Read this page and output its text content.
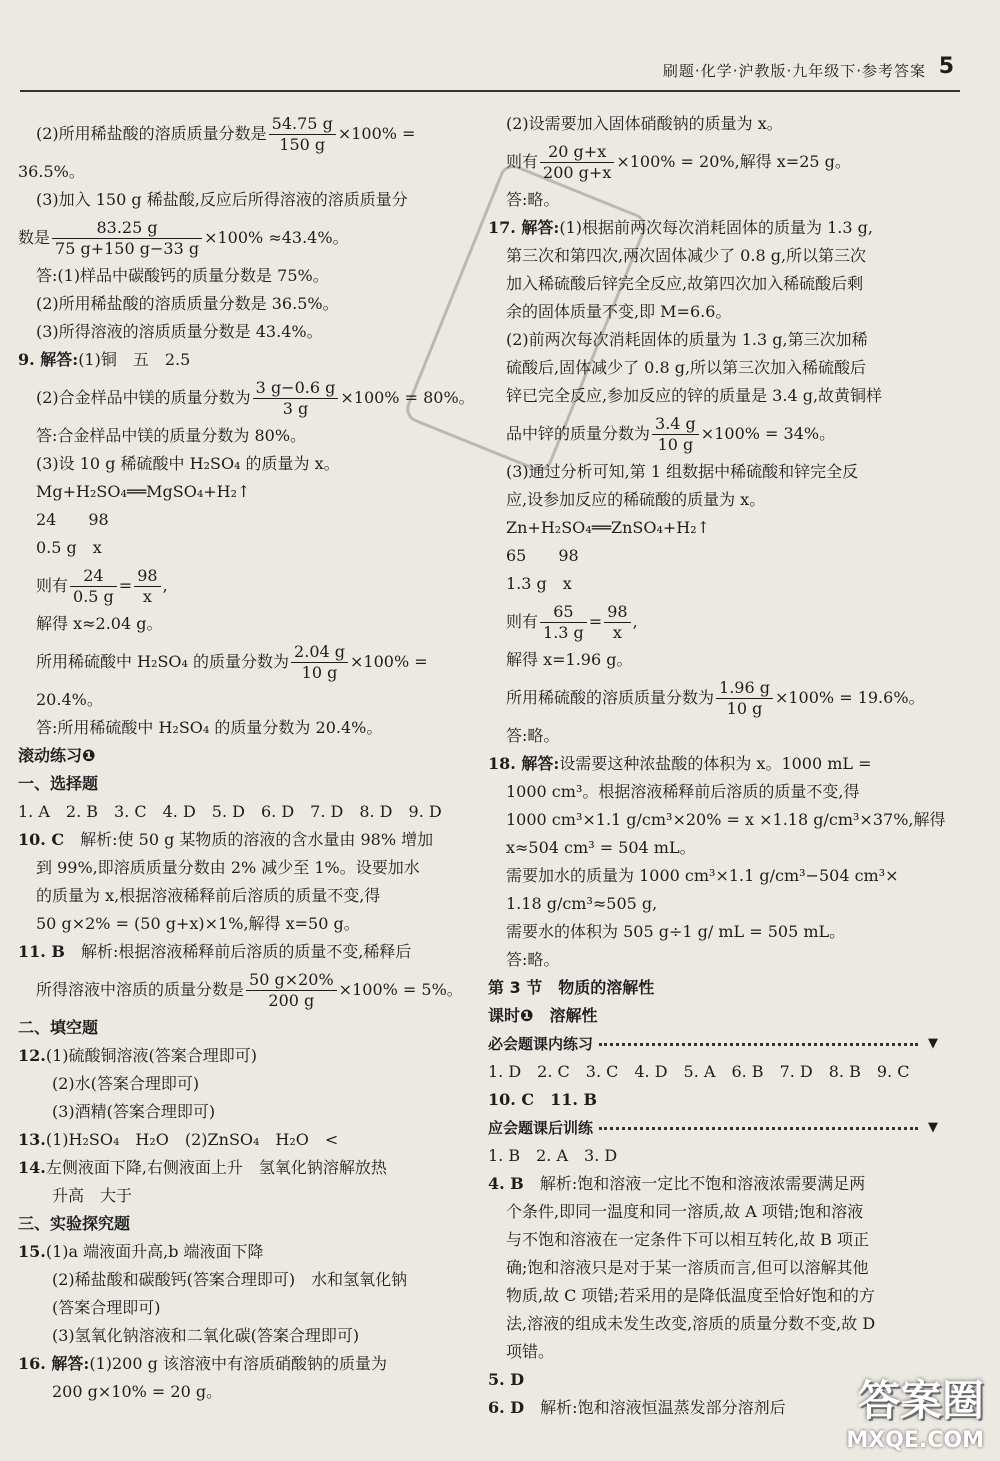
刷题·化学·沪教版·九年级下·参考答案 5
(2)所用稀盐酸的溶质质量分数是 $\frac{54.75 g}{150 g} \times 100\%$ =
36.5%。
(3)加入 150 g 稀盐酸,反应后所得溶液的溶质质量分
数是 $\frac{83.25 g}{75 g+150 g-33 g} \times 100\% \approx 43.4\%$。
答:(1)样品中碳酸钙的质量分数是 75%。
(2)所用稀盐酸的溶质质量分数是 36.5%。
(3)所得溶液的溶质质量分数是 43.4%。
9. 解答:(1)铜　五　2.5
(2)合金样品中镁的质量分数为 $\frac{3 g-0.6 g}{3 g} \times 100\% = 80\%$。
答:合金样品中镁的质量分数为 80%。
(3)设 10 g 稀硫酸中 H₂SO₄ 的质量为 x。
Mg+H₂SO₄══MgSO₄+H₂↑
24　　98
0.5 g　x
则有 $\frac{24}{0.5 g} = \frac{98}{x}$ ,
解得 x≈2.04 g。
所用稀硫酸中 H₂SO₄ 的质量分数为 $\frac{2.04 g}{10 g} \times 100\%$ =
20.4%。
答:所用稀硫酸中 H₂SO₄ 的质量分数为 20.4%。
滚动练习❶
一、选择题
1. A　2. B　3. C　4. D　5. D　6. D　7. D　8. D　9. D
10. C　 解析:使 50 g 某物质的溶液的含水量由 98% 增加
到 99%,即溶质质量分数由 2% 减少至 1%。设要加水
的质量为 x,根据溶液稀释前后溶质的质量不变,得
50 g×2% = (50 g+x)×1%,解得 x=50 g。
11. B　 解析:根据溶液稀释前后溶质的质量不变,稀释后
所得溶液中溶质的质量分数是 $\frac{50 g\times 20\%}{200 g} \times 100\% = 5\%$。
二、填空题
12.(1)硫酸铜溶液(答案合理即可)
(2)水(答案合理即可)
(3)酒精(答案合理即可)
13.(1)H₂SO₄　H₂O　(2)ZnSO₄　H₂O　<
14.左侧液面下降,右侧液面上升　氢氧化钠溶解放热
升高　大于
三、实验探究题
15.(1)a 端液面升高,b 端液面下降
(2)稀盐酸和碳酸钙(答案合理即可)　水和氢氧化钠
(答案合理即可)
(3)氢氧化钠溶液和二氧化碳(答案合理即可)
16. 解答:(1)200 g 该溶液中有溶质硝酸钠的质量为
200 g×10% = 20 g。
(2)设需要加入固体硝酸钠的质量为 x。
则有 $\frac{20 g+x}{200 g+x} \times 100\% = 20\%$,解得 x=25 g。
答:略。
17. 解答:(1)根据前两次每次消耗固体的质量为 1.3 g,
第三次和第四次,两次固体减少了 0.8 g,所以第三次
加入稀硫酸后锌完全反应,故第四次加入稀硫酸后剩
余的固体质量不变,即 M=6.6。
(2)前两次每次消耗固体的质量为 1.3 g,第三次加稀
硫酸后,固体减少了 0.8 g,所以第三次加入稀硫酸后
锌已完全反应,参加反应的锌的质量是 3.4 g,故黄铜样
品中锌的质量分数为 $\frac{3.4 g}{10 g} \times 100\% = 34\%$。
(3)通过分析可知,第 1 组数据中稀硫酸和锌完全反
应,设参加反应的稀硫酸的质量为 x。
Zn+H₂SO₄══ZnSO₄+H₂↑
65　　98
1.3 g　x
则有 $\frac{65}{1.3 g} = \frac{98}{x}$ ,
解得 x=1.96 g。
所用稀硫酸的溶质质量分数为 $\frac{1.96 g}{10 g} \times 100\% = 19.6\%$。
答:略。
18. 解答:设需要这种浓盐酸的体积为 x。1000 mL =
1000 cm³。根据溶液稀释前后溶质的质量不变,得
1000 cm³×1.1 g/cm³×20% = x ×1.18 g/cm³×37%,解得
x≈504 cm³ = 504 mL。
需要加水的质量为 1000 cm³×1.1 g/cm³−504 cm³×
1.18 g/cm³≈505 g,
需要水的体积为 505 g÷1 g/ mL = 505 mL。
答:略。
第 3 节　物质的溶解性
课时❶　溶解性
必会题课内练习	▼
1. D　2. C　3. C　4. D　5. A　6. B　7. D　8. B　9. C
10. C　11. B
应会题课后训练	▼
1. B　2. A　3. D
4. B　 解析:饱和溶液一定比不饱和溶液浓需要满足两
个条件,即同一温度和同一溶质,故 A 项错;饱和溶液
与不饱和溶液在一定条件下可以相互转化,故 B 项正
确;饱和溶液只是对于某一溶质而言,但可以溶解其他
物质,故 C 项错;若采用的是降低温度至恰好饱和的方
法,溶液的组成未发生改变,溶质的质量分数不变,故 D
项错。
5. D
6. D　 解析:饱和溶液恒温蒸发部分溶剂后	答案圈
MXQE.COM
